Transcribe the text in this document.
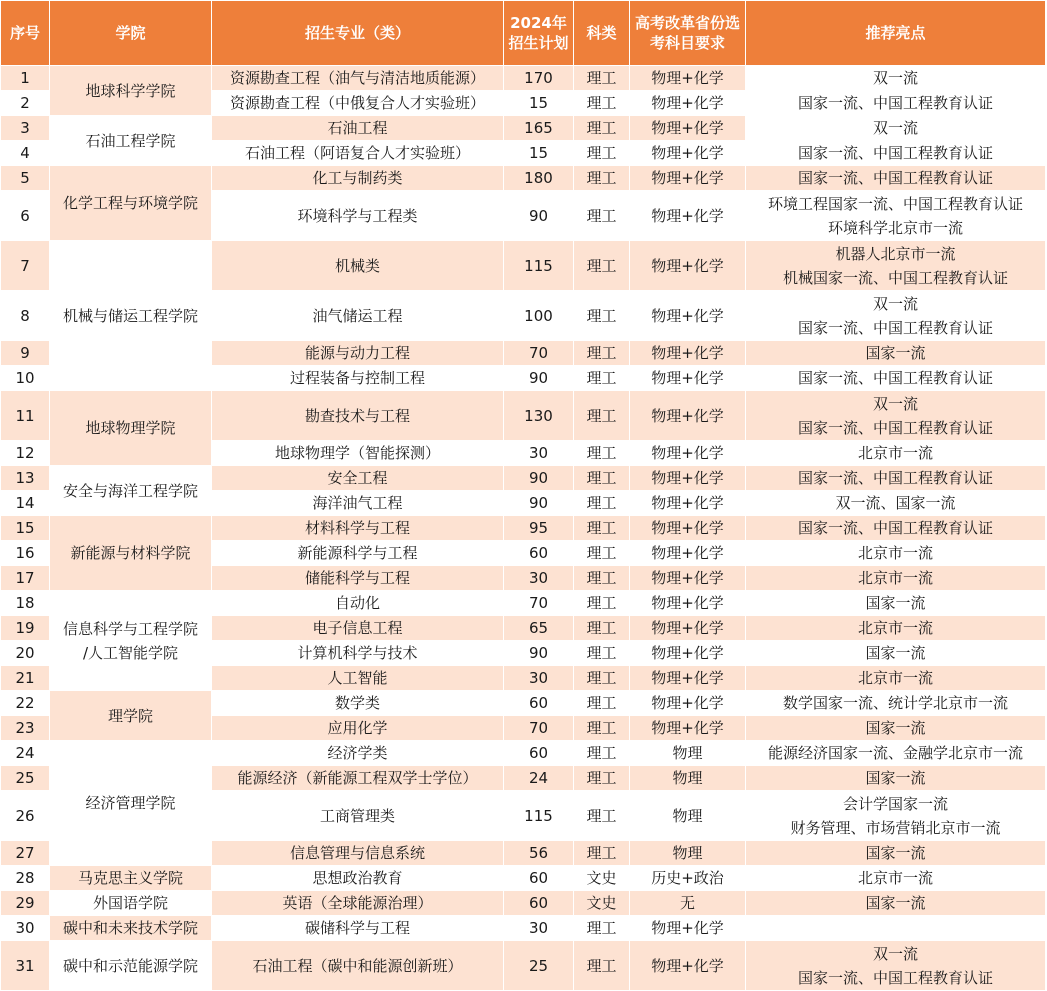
序号	学院	招生专业（类）	2024年招生计划	科类	高考改革省份选考科目要求	推荐亮点
1	地球科学学院	资源勘查工程（油气与清洁地质能源）	170	理工	物理+化学	双一流

2		资源勘查工程（中俄复合人才实验班）	15	理工	物理+化学	国家一流、中国工程教育认证

3	石油工程学院	石油工程	165	理工	物理+化学	双一流

4		石油工程（阿语复合人才实验班）	15	理工	物理+化学	国家一流、中国工程教育认证

5	化学工程与环境学院	化工与制药类	180	理工	物理+化学	国家一流、中国工程教育认证

6		环境科学与工程类	90	理工	物理+化学	环境工程国家一流、中国工程教育认证
环境科学北京市一流

7	机械与储运工程学院	机械类	115	理工	物理+化学	机器人北京市一流
机械国家一流、中国工程教育认证

8		油气储运工程	100	理工	物理+化学	双一流
国家一流、中国工程教育认证

9		能源与动力工程	70	理工	物理+化学	国家一流

10		过程装备与控制工程	90	理工	物理+化学	国家一流、中国工程教育认证

11	地球物理学院	勘查技术与工程	130	理工	物理+化学	双一流
国家一流、中国工程教育认证

12		地球物理学（智能探测）	30	理工	物理+化学	北京市一流

13	安全与海洋工程学院	安全工程	90	理工	物理+化学	国家一流、中国工程教育认证

14		海洋油气工程	90	理工	物理+化学	双一流、国家一流

15	新能源与材料学院	材料科学与工程	95	理工	物理+化学	国家一流、中国工程教育认证

16		新能源科学与工程	60	理工	物理+化学	北京市一流

17		储能科学与工程	30	理工	物理+化学	北京市一流

18	信息科学与工程学院
/人工智能学院	自动化	70	理工	物理+化学	国家一流

19		电子信息工程	65	理工	物理+化学	北京市一流

20		计算机科学与技术	90	理工	物理+化学	国家一流

21		人工智能	30	理工	物理+化学	北京市一流

22	理学院	数学类	60	理工	物理+化学	数学国家一流、统计学北京市一流

23		应用化学	70	理工	物理+化学	国家一流

24	经济管理学院	经济学类	60	理工	物理	能源经济国家一流、金融学北京市一流

25		能源经济（新能源工程双学士学位）	24	理工	物理	国家一流

26		工商管理类	115	理工	物理	会计学国家一流
财务管理、市场营销北京市一流

27		信息管理与信息系统	56	理工	物理	国家一流

28	马克思主义学院	思想政治教育	60	文史	历史+政治	北京市一流

29	外国语学院	英语（全球能源治理）	60	文史	无	国家一流

30	碳中和未来技术学院	碳储科学与工程	30	理工	物理+化学	
31	碳中和示范能源学院	石油工程（碳中和能源创新班）	25	理工	物理+化学	双一流
国家一流、中国工程教育认证
